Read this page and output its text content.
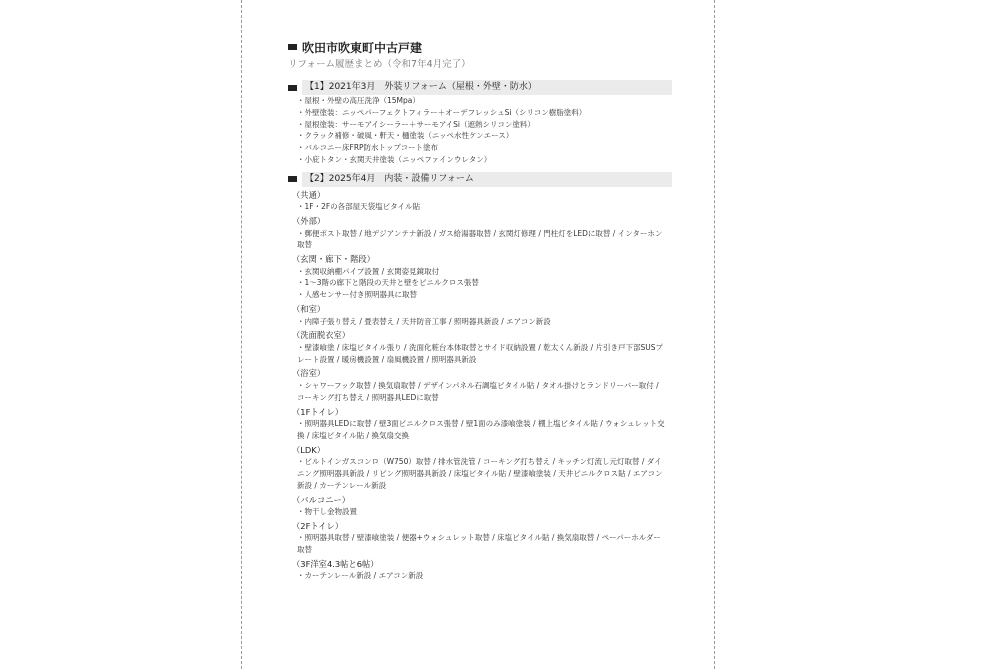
吹田市吹東町中古戸建
リフォーム履歴まとめ（令和7年4月完了）
【1】2021年3月　外装リフォーム（屋根・外壁・防水）
・屋根・外壁の高圧洗浄（15Mpa）
・外壁塗装：ニッペパーフェクトフィラー＋オーデフレッシュSi（シリコン樹脂塗料）
・屋根塗装：サーモアイシーラー＋サーモアイSi（遮熱シリコン塗料）
・クラック補修・破風・軒天・樋塗装（ニッペ水性ケンエース）
・バルコニー床FRP防水トップコート塗布
・小庇トタン・玄関天井塗装（ニッペファインウレタン）
【2】2025年4月　内装・設備リフォーム
（共通）
・1F・2Fの各部屋天袋塩ビタイル貼
（外部）
・郵便ポスト取替 / 地デジアンテナ新設 / ガス給湯器取替 / 玄関灯修理 / 門柱灯をLEDに取替 / インターホン取替
（玄関・廊下・階段）
・玄関収納棚パイプ設置 / 玄関姿見鏡取付
・1～3階の廊下と階段の天井と壁をビニルクロス張替
・人感センサー付き照明器具に取替
（和室）
・内障子張り替え / 畳表替え / 天井防音工事 / 照明器具新設 / エアコン新設
（洗面脱衣室）
・壁漆喰塗 / 床塩ビタイル張り / 洗面化粧台本体取替とサイド収納設置 / 乾太くん新設 / 片引き戸下部SUSプレート設置 / 暖房機設置 / 扇風機設置 / 照明器具新設
（浴室）
・シャワーフック取替 / 換気扇取替 / デザインパネル石調塩ビタイル貼 / タオル掛けとランドリーバー取付 / コーキング打ち替え / 照明器具LEDに取替
（1Fトイレ）
・照明器具LEDに取替 / 壁3面ビニルクロス張替 / 壁1面のみ漆喰塗装 / 棚上塩ビタイル貼 / ウォシュレット交換 / 床塩ビタイル貼 / 換気扇交換
（LDK）
・ビルトインガスコンロ（W750）取替 / 排水管洗管 / コーキング打ち替え / キッチン灯流し元灯取替 / ダイニング照明器具新設 / リビング照明器具新設 / 床塩ビタイル貼 / 壁漆喰塗装 / 天井ビニルクロス貼 / エアコン新設 / カーテンレール新設
（バルコニー）
・物干し金物設置
（2Fトイレ）
・照明器具取替 / 壁漆喰塗装 / 便器+ウォシュレット取替 / 床塩ビタイル貼 / 換気扇取替 / ペーパーホルダー取替
（3F洋室4.3帖と6帖）
・カーテンレール新設 / エアコン新設
